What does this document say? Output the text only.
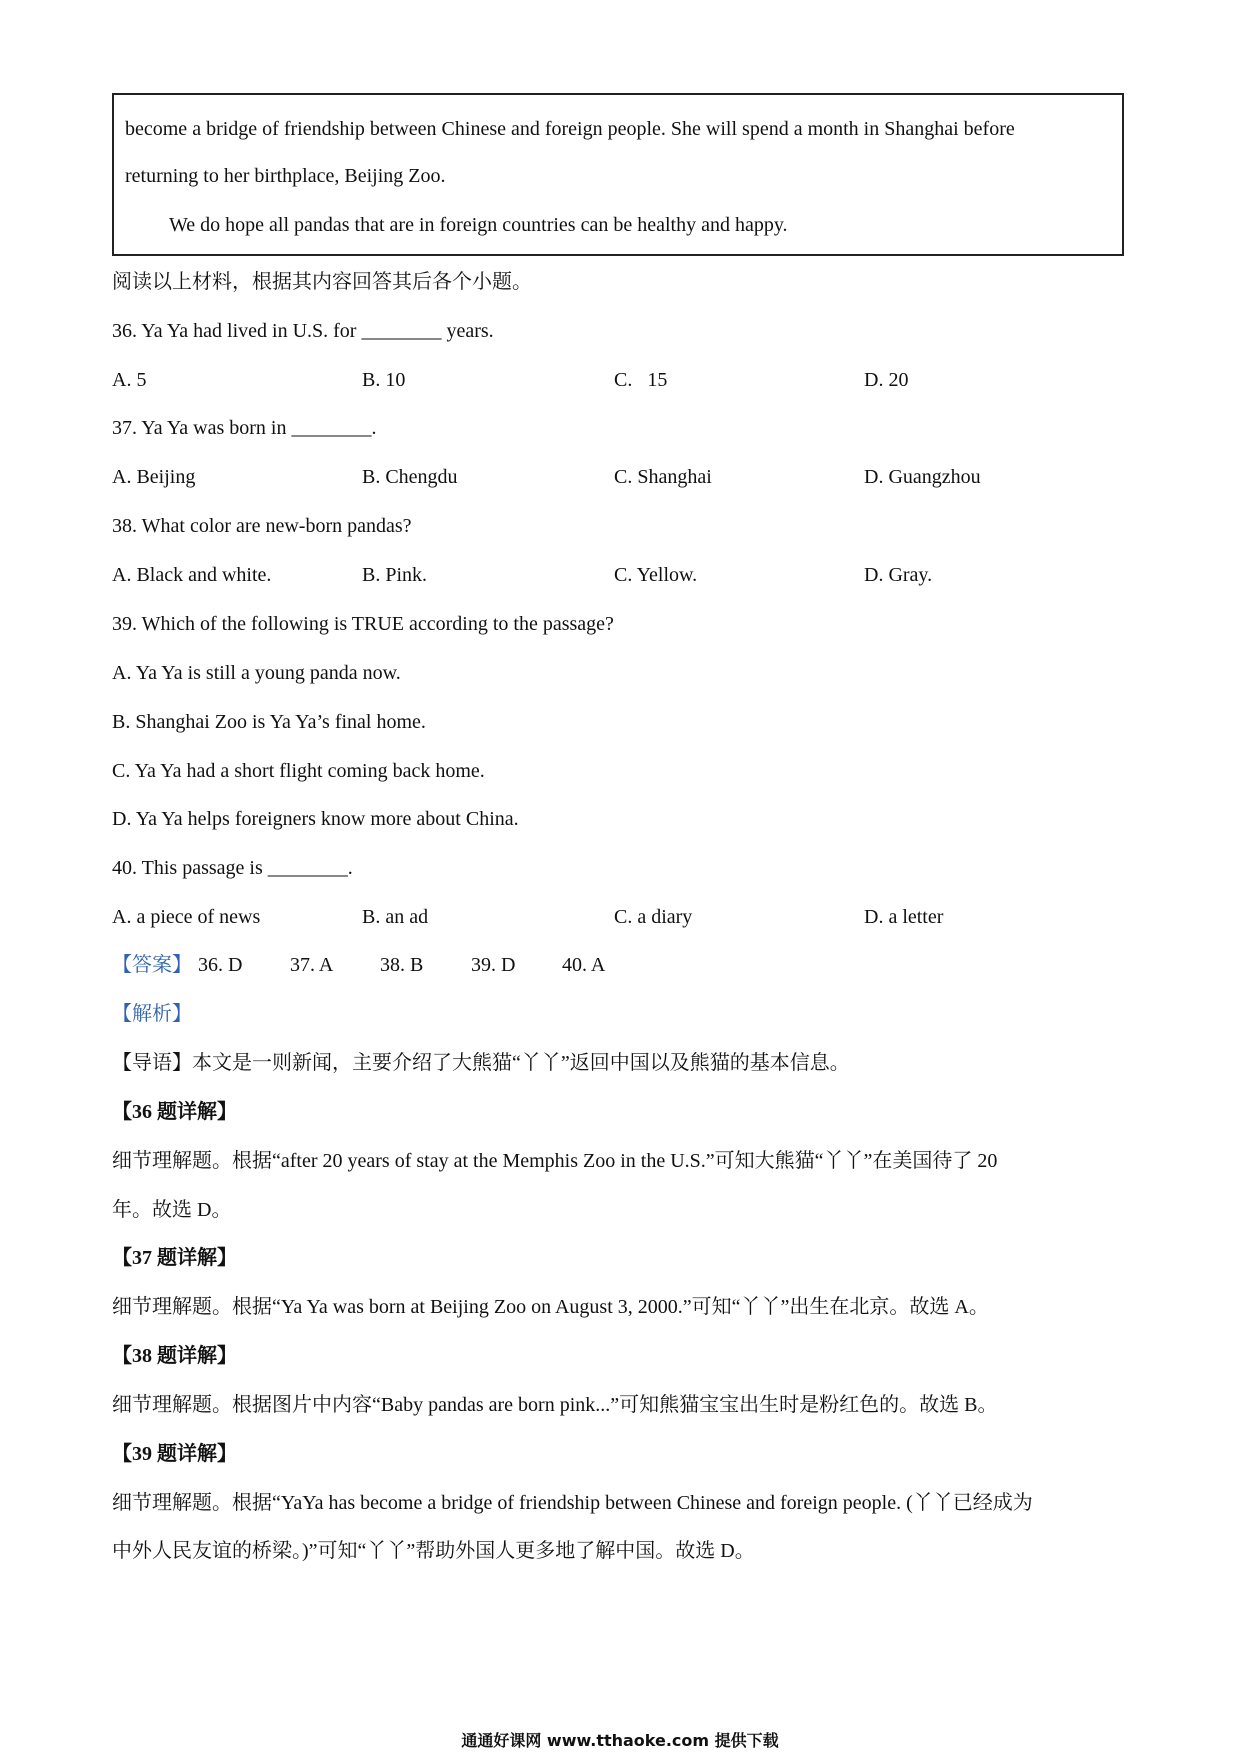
become a bridge of friendship between Chinese and foreign people. She will spend a month in Shanghai before
returning to her birthplace, Beijing Zoo.
We do hope all pandas that are in foreign countries can be healthy and happy.
阅读以上材料，根据其内容回答其后各个小题。
36. Ya Ya had lived in U.S. for ________ years.
A. 5	B. 10	C.   15	D. 20
37. Ya Ya was born in ________.
A. Beijing	B. Chengdu	C. Shanghai	D. Guangzhou
38. What color are new-born pandas?
A. Black and white.	B. Pink.	C. Yellow.	D. Gray.
39. Which of the following is TRUE according to the passage?
A. Ya Ya is still a young panda now.
B. Shanghai Zoo is Ya Ya’s final home.
C. Ya Ya had a short flight coming back home.
D. Ya Ya helps foreigners know more about China.
40. This passage is ________.
A. a piece of news	B. an ad	C. a diary	D. a letter
【答案】 36. D 37. A 38. B 39. D 40. A
【解析】
【导语】本文是一则新闻，主要介绍了大熊猫“丫丫”返回中国以及熊猫的基本信息。
【36 题详解】
细节理解题。根据“after 20 years of stay at the Memphis Zoo in the U.S.”可知大熊猫“丫丫”在美国待了 20
年。故选 D。
【37 题详解】
细节理解题。根据“Ya Ya was born at Beijing Zoo on August 3, 2000.”可知“丫丫”出生在北京。故选 A。
【38 题详解】
细节理解题。根据图片中内容“Baby pandas are born pink...”可知熊猫宝宝出生时是粉红色的。故选 B。
【39 题详解】
细节理解题。根据“YaYa has become a bridge of friendship between Chinese and foreign people. (丫丫已经成为
中外人民友谊的桥梁。)”可知“丫丫”帮助外国人更多地了解中国。故选 D。
通通好课网 www.tthaoke.com 提供下载
